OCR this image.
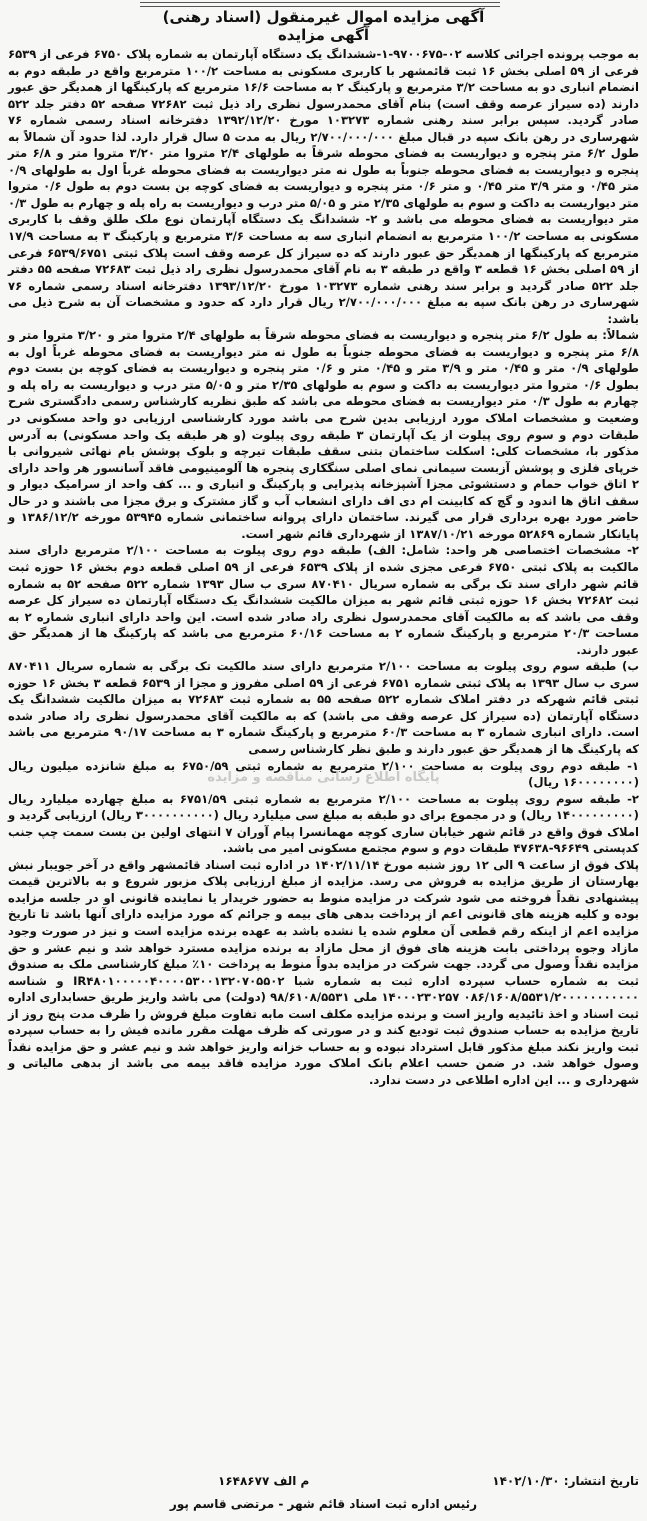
آگهی مزایده اموال غیرمنقول (اسناد رهنی)
آگهی مزایده

به موجب پرونده اجرائی کلاسه ۰۲-۹۷۰۰۶۷۵-۱-ششدانگ یک دستگاه آپارتمان به شماره پلاک ۶۷۵۰ فرعی از ۶۵۳۹ فرعی از ۵۹ اصلی بخش ۱۶ ثبت قائمشهر با کاربری مسکونی به مساحت ۱۰۰/۲ مترمربع واقع در طبقه دوم به انضمام انباری دو به مساحت ۳/۲ مترمربع و پارکینگ ۲ به مساحت ۱۶/۶ مترمربع که پارکینگها از همدیگر حق عبور دارند (ده سیراز عرصه وقف است) بنام آقای محمدرسول نظری راد ذیل ثبت ۷۲۶۸۲ صفحه ۵۲ دفتر جلد ۵۲۲ صادر گردید. سپس برابر سند رهنی شماره ۱۰۳۲۷۳ مورخ ۱۳۹۲/۱۲/۲۰ دفترخانه اسناد رسمی شماره ۷۶ شهرساری در رهن بانک سپه در قبال مبلغ ۲/۷۰۰/۰۰۰/۰۰۰ ریال به مدت ۵ سال قرار دارد. لذا حدود آن شمالاً به طول ۶/۲ متر پنجره و دیواریست به فضای محوطه شرقاً به طولهای ۲/۴ متروا متر ۳/۲۰ متروا متر و ۶/۸ متر پنجره و دیواریست به فضای محوطه جنوباً به طول نه متر دیواریست به فضای محوطه غرباً اول به طولهای ۰/۹ متر ۰/۴۵ و متر ۳/۹ متر ۰/۴۵ و متر ۰/۶ متر پنجره و دیواریست به فضای کوچه بن بست دوم به طول ۰/۶ متروا متر دیواریست به داکت و سوم به طولهای ۲/۳۵ متر و ۵/۰۵ متر درب و دیواریست به راه پله و چهارم به طول ۰/۳ متر دیواریست به فضای محوطه می باشد و ۲- ششدانگ یک دستگاه آپارتمان نوع ملک طلق وقف با کاربری مسکونی به مساحت ۱۰۰/۲ مترمربع به انضمام انباری سه به مساحت ۳/۶ مترمربع و پارکینگ ۳ به مساحت ۱۷/۹ مترمربع که پارکینگها از همدیگر حق عبور دارند که ده سیراز کل عرصه وقف است پلاک ثبتی ۶۵۳۹/۶۷۵۱ فرعی از ۵۹ اصلی بخش ۱۶ قطعه ۳ واقع در طبقه ۳ به نام آقای محمدرسول نظری راد ذیل ثبت ۷۲۶۸۳ صفحه ۵۵ دفتر جلد ۵۲۲ صادر گردید و برابر سند رهنی شماره ۱۰۳۲۷۳ مورخ ۱۳۹۳/۱۲/۲۰ دفترخانه اسناد رسمی شماره ۷۶ شهرساری در رهن بانک سپه به مبلغ ۲/۷۰۰/۰۰۰/۰۰۰ ریال قرار دارد که حدود و مشخصات آن به شرح ذیل می باشد:

شمالاً: به طول ۶/۲ متر پنجره و دیواریست به فضای محوطه شرقاً به طولهای ۲/۴ متروا متر و ۳/۲۰ متروا متر و ۶/۸ متر پنجره و دیواریست به فضای محوطه جنوباً به طول نه متر دیواریست به فضای محوطه غرباً اول به طولهای ۰/۹ متر و ۰/۴۵ متر و ۳/۹ متر و ۰/۴۵ متر و ۰/۶ متر پنجره و دیواریست به فضای کوچه بن بست دوم بطول ۰/۶ متروا متر دیواریست به داکت و سوم به طولهای ۲/۳۵ متر و ۵/۰۵ متر درب و دیواریست به راه پله و چهارم به طول ۰/۳ متر دیواریست به فضای محوطه می باشد که طبق نظریه کارشناس رسمی دادگستری شرح وضعیت و مشخصات املاک مورد ارزیابی بدین شرح می باشد مورد کارشناسی ارزیابی دو واحد مسکونی در طبقات دوم و سوم روی پیلوت از یک آپارتمان ۳ طبقه روی پیلوت (و هر طبقه یک واحد مسکونی) به آدرس مذکور با، مشخصات کلی: اسکلت ساختمان بتنی سقف طبقات تیرچه و بلوک پوشش بام نهائی شیروانی با خرپای فلزی و پوشش آزبست سیمانی نمای اصلی سنگکاری پنجره ها آلومینیومی فاقد آسانسور هر واحد دارای ۲ اتاق خواب حمام و دستشوئی مجزا آشپزخانه پذیرایی و پارکینگ و انباری و ... کف واحد از سرامیک دیوار و سقف اتاق ها اندود و گچ که کابینت ام دی اف دارای انشعاب آب و گاز مشترک و برق مجزا می باشند و در حال حاضر مورد بهره برداری قرار می گیرند. ساختمان دارای پروانه ساختمانی شماره ۵۳۹۴۵ مورخه ۱۳۸۶/۱۲/۲ و پایانکار شماره ۵۲۸۶۹ مورخه ۱۳۸۷/۱۰/۲۱ از شهرداری قائم شهر است.

۲- مشخصات اختصاصی هر واحد: شامل: الف) طبقه دوم روی پیلوت به مساحت ۲/۱۰۰ مترمربع دارای سند مالکیت به پلاک ثبتی ۶۷۵۰ فرعی مجزی شده از پلاک ۶۵۳۹ فرعی از ۵۹ اصلی قطعه دوم بخش ۱۶ حوزه ثبت قائم شهر دارای سند تک برگی به شماره سریال ۸۷۰۴۱۰ سری ب سال ۱۳۹۳ شماره ۵۲۲ صفحه ۵۲ به شماره ثبت ۷۲۶۸۲ بخش ۱۶ حوزه ثبتی قائم شهر به میزان مالکیت ششدانگ یک دستگاه آپارتمان ده سیراز کل عرصه وقف می باشد که به مالکیت آقای محمدرسول نظری راد صادر شده است. این واحد دارای انباری شماره ۲ به مساحت ۲۰/۳ مترمربع و پارکینگ شماره ۲ به مساحت ۶۰/۱۶ مترمربع می باشد که پارکینگ ها از همدیگر حق عبور دارند.

ب) طبقه سوم روی پیلوت به مساحت ۲/۱۰۰ مترمربع دارای سند مالکیت تک برگی به شماره سریال ۸۷۰۴۱۱ سری ب سال ۱۳۹۳ به پلاک ثبتی شماره ۶۷۵۱ فرعی از ۵۹ اصلی مفروز و مجزا از ۶۵۳۹ قطعه ۳ بخش ۱۶ حوزه ثبتی قائم شهرکه در دفتر املاک شماره ۵۲۲ صفحه ۵۵ به شماره ثبت ۷۲۶۸۳ به میزان مالکیت ششدانگ یک دستگاه آپارتمان (ده سیراز کل عرصه وقف می باشد) که به مالکیت آقای محمدرسول نظری راد صادر شده است. دارای انباری شماره ۳ به مساحت ۶۰/۳ مترمربع و پارکینگ شماره ۳ به مساحت ۹۰/۱۷ مترمربع می باشد که پارکینگ ها از همدیگر حق عبور دارند و طبق نظر کارشناس رسمی

۱- طبقه دوم روی پیلوت به مساحت ۲/۱۰۰ مترمربع به شماره ثبتی ۶۷۵۰/۵۹ به مبلغ شانزده میلیون ریال (۱۶۰۰۰۰۰۰۰۰ ریال)

۲- طبقه سوم روی پیلوت به مساحت ۲/۱۰۰ مترمربع به شماره ثبتی ۶۷۵۱/۵۹ به مبلغ چهارده میلیارد ریال (۱۴۰۰۰۰۰۰۰۰۰ ریال) و در مجموع برای دو طبقه به مبلغ سی میلیارد ریال (۳۰۰۰۰۰۰۰۰۰۰ ریال) ارزیابی گردید و املاک فوق واقع در قائم شهر خیابان ساری کوچه مهمانسرا پیام آوران ۷ انتهای اولین بن بست سمت چپ جنب کدپستی ۹۶۶۴۹-۴۷۶۳۸ طبقات دوم و سوم مجتمع مسکونی امیر می باشد.

پلاک فوق از ساعت ۹ الی ۱۲ روز شنبه مورخ ۱۴۰۲/۱۱/۱۴ در اداره ثبت اسناد قائمشهر واقع در آخر جویبار نبش بهارستان از طریق مزایده به فروش می رسد. مزایده از مبلغ ارزیابی پلاک مزبور شروع و به بالاترین قیمت پیشنهادی نقداً فروخته می شود شرکت در مزایده منوط به حضور خریدار یا نماینده قانونی او در جلسه مزایده بوده و کلیه هزینه های قانونی اعم از پرداخت بدهی های بیمه و جرائم که مورد مزایده دارای آنها باشد تا تاریخ مزایده اعم از اینکه رقم قطعی آن معلوم شده یا نشده باشد به عهده برنده مزایده است و نیز در صورت وجود مازاد وجوه پرداختی بابت هزینه های فوق از محل مازاد به برنده مزایده مسترد خواهد شد و نیم عشر و حق مزایده نقداً وصول می گردد. جهت شرکت در مزایده بدواً منوط به پرداخت ۱۰٪ مبلغ کارشناسی ملک به صندوق ثبت به شماره حساب سپرده اداره ثبت به شماره شبا IR۴۸۰۱۰۰۰۰۰۴۰۰۰۰۵۳۰۰۱۳۲۰۷۰۵۵۰۲ و شناسه ۰۸۶/۱۶۰۸/۵۵۳۱/۲۰۰۰۰۰۰۰۰۰۰۰ ۱۴۰۰۰۲۳۰۲۵۷ ملی ۹۸/۶۱۰۸/۵۵۳۱ (دولت) می باشد واریز طریق حسابداری اداره ثبت اسناد و اخذ تائیدیه واریز است و برنده مزایده مکلف است مابه تفاوت مبلغ فروش را ظرف مدت پنج روز از تاریخ مزایده به حساب صندوق ثبت تودیع کند و در صورتی که ظرف مهلت مقرر مانده فیش را به حساب سپرده ثبت واریز نکند مبلغ مذکور قابل استرداد نبوده و به حساب خزانه واریز خواهد شد و نیم عشر و حق مزایده نقداً وصول خواهد شد. در ضمن حسب اعلام بانک املاک مورد مزایده فاقد بیمه می باشد از بدهی مالیاتی و شهرداری و ... این اداره اطلاعی در دست ندارد.

پایگاه اطلاع رسانی مناقصه و مزایده
تاریخ انتشار: ۱۴۰۲/۱۰/۳۰
م الف ۱۶۴۸۶۷۷
رئیس اداره ثبت اسناد قائم شهر - مرتضی قاسم پور
